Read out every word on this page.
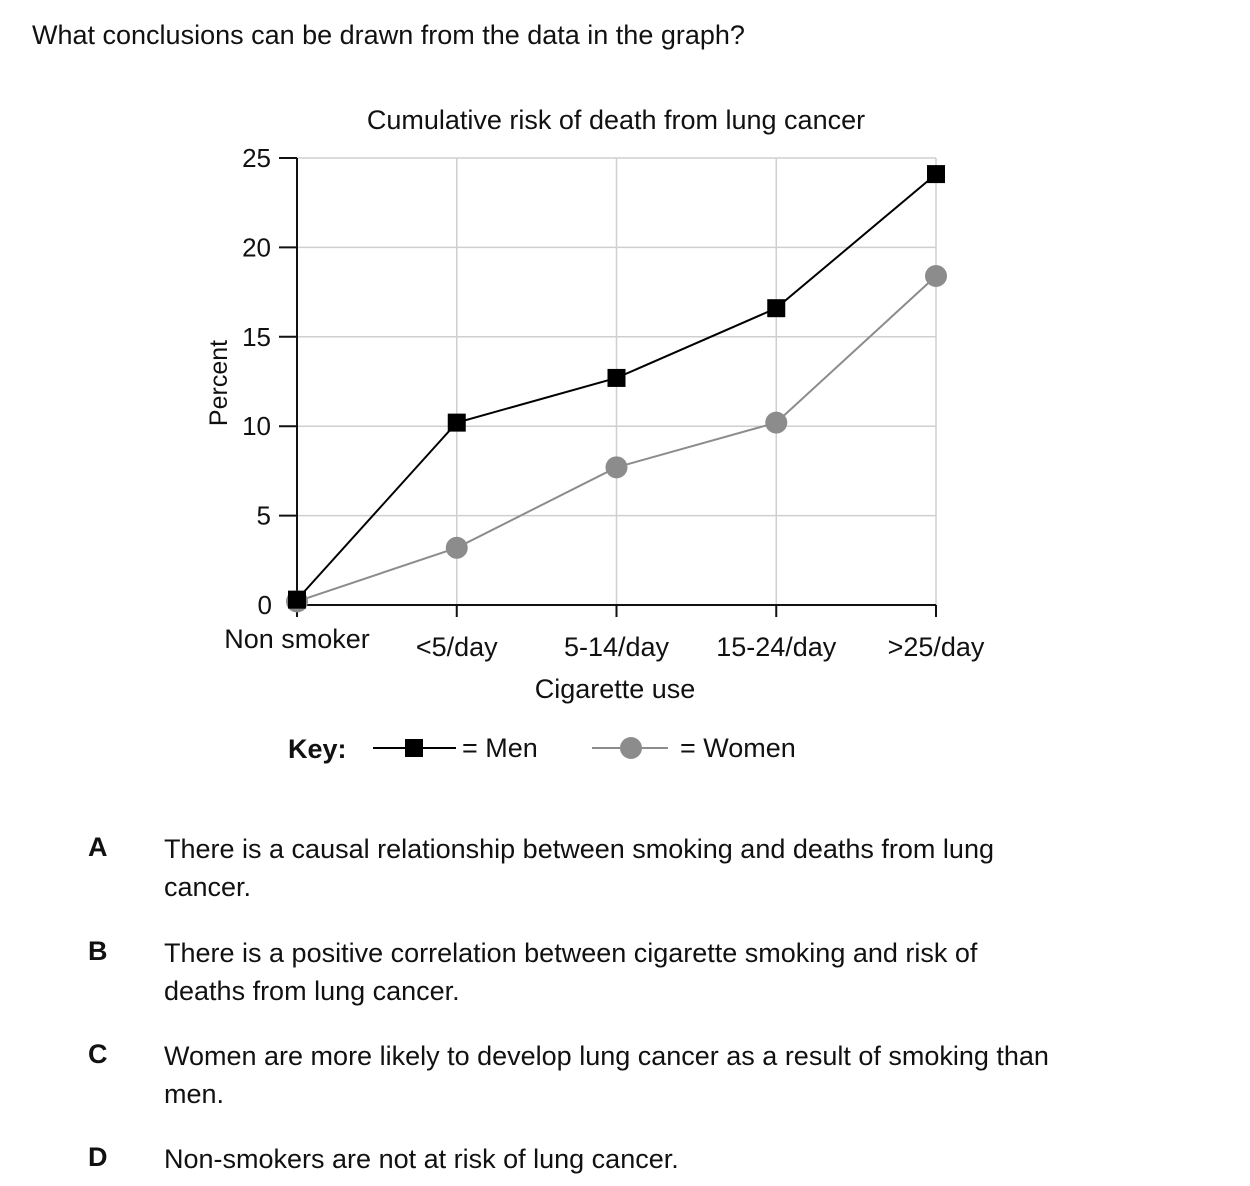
What conclusions can be drawn from the data in the graph?
Cumulative risk of death from lung cancer
0
5
10
15
20
25
Non smoker <5/day 5-14/day 15-24/day >25/day
Percent
Cigarette use
Key:	= Men	= Women
A There is a causal relationship between smoking and deaths from lung cancer.
B There is a positive correlation between cigarette smoking and risk of deaths from lung cancer.
C Women are more likely to develop lung cancer as a result of smoking than men.
D Non-smokers are not at risk of lung cancer.
